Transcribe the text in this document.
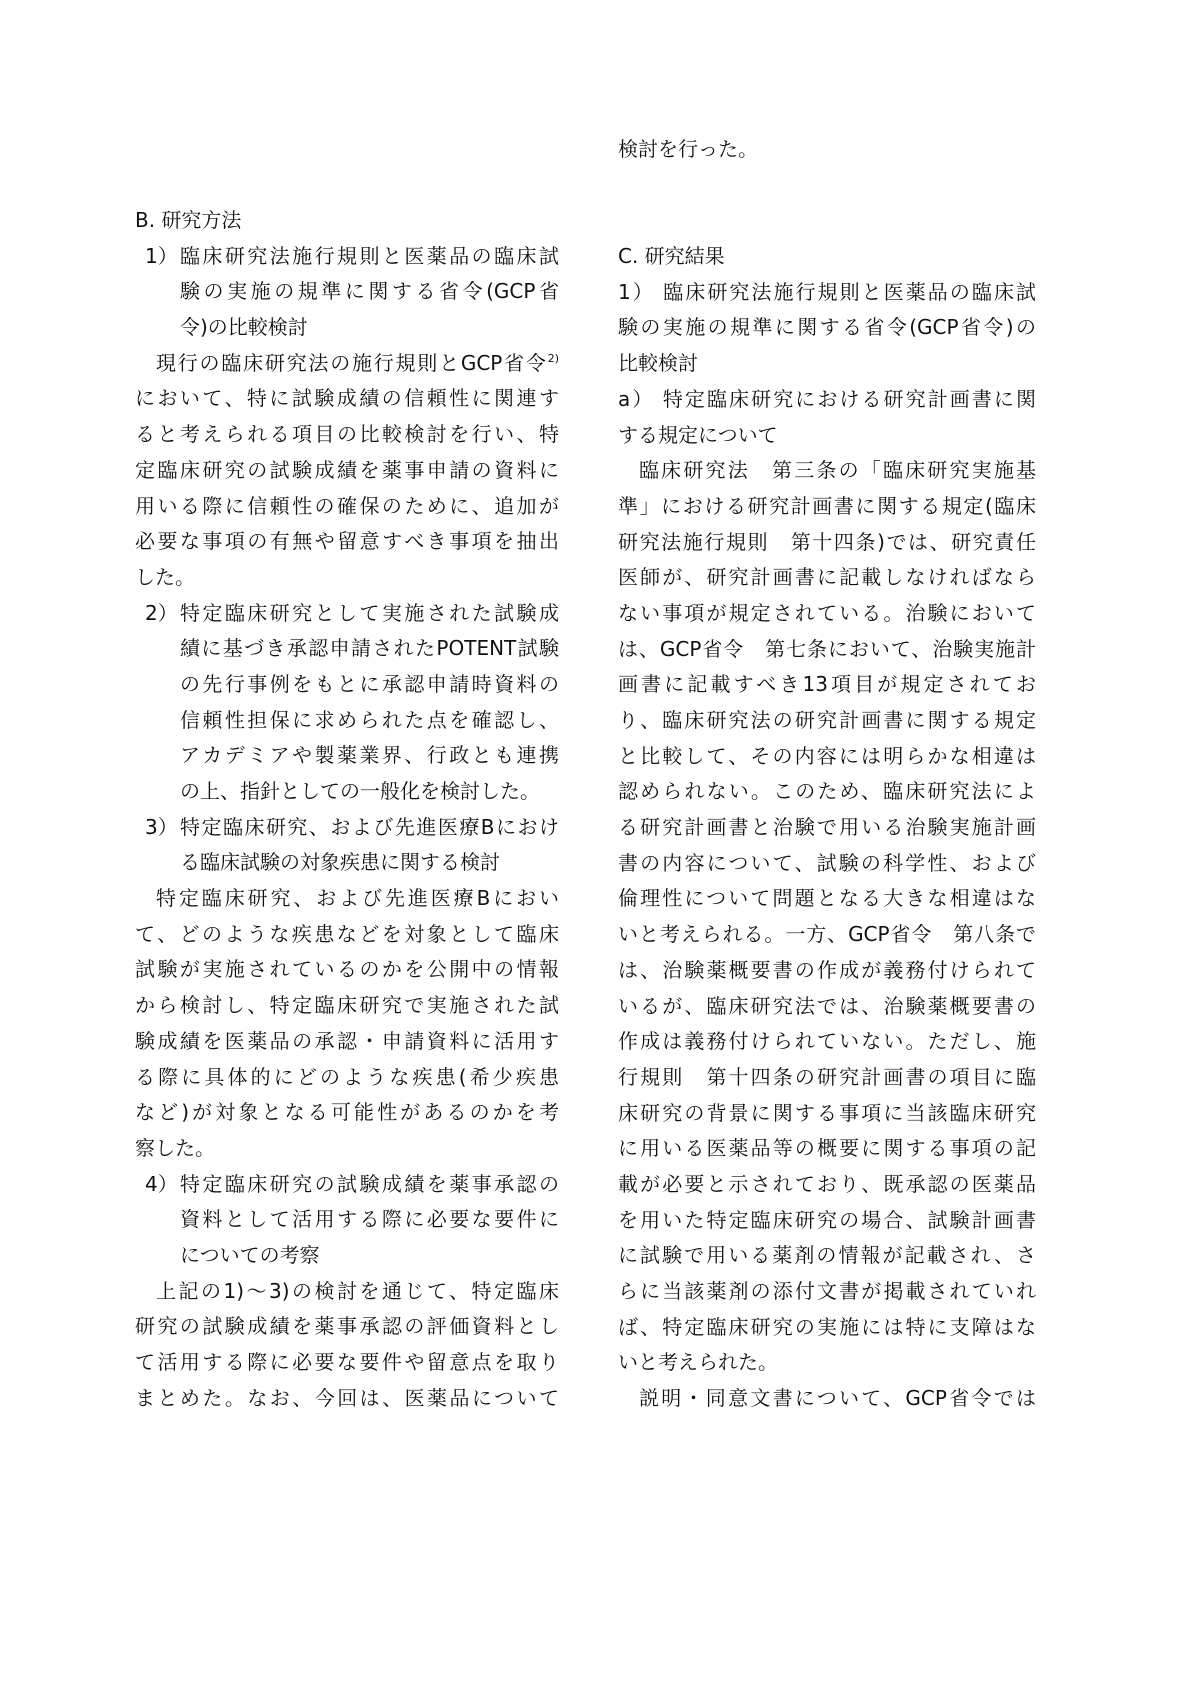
B. 研究方法
臨床研究法施行規則と医薬品の臨床試
1）
験の実施の規準に関する省令(GCP省
令)の比較検討
現行の臨床研究法の施行規則とGCP省令$^{2)}$
において、特に試験成績の信頼性に関連す
ると考えられる項目の比較検討を行い、特
定臨床研究の試験成績を薬事申請の資料に
用いる際に信頼性の確保のために、追加が
必要な事項の有無や留意すべき事項を抽出
した。
特定臨床研究として実施された試験成
2）
績に基づき承認申請されたPOTENT試験
の先行事例をもとに承認申請時資料の
信頼性担保に求められた点を確認し、
アカデミアや製薬業界、行政とも連携
の上、指針としての一般化を検討した。
特定臨床研究、および先進医療Bにおけ
3）
る臨床試験の対象疾患に関する検討
特定臨床研究、および先進医療Bにおい
て、どのような疾患などを対象として臨床
試験が実施されているのかを公開中の情報
から検討し、特定臨床研究で実施された試
験成績を医薬品の承認・申請資料に活用す
る際に具体的にどのような疾患(希少疾患
など)が対象となる可能性があるのかを考
察した。
特定臨床研究の試験成績を薬事承認の
4）
資料として活用する際に必要な要件に
についての考察
上記の1)～3)の検討を通じて、特定臨床
研究の試験成績を薬事承認の評価資料とし
て活用する際に必要な要件や留意点を取り
まとめた。なお、今回は、医薬品について
検討を行った。
C. 研究結果
1） 臨床研究法施行規則と医薬品の臨床試
験の実施の規準に関する省令(GCP省令)の
比較検討
a） 特定臨床研究における研究計画書に関
する規定について
臨床研究法　第三条の「臨床研究実施基
準」における研究計画書に関する規定(臨床
研究法施行規則　第十四条)では、研究責任
医師が、研究計画書に記載しなければなら
ない事項が規定されている。治験において
は、GCP省令　第七条において、治験実施計
画書に記載すべき13項目が規定されてお
り、臨床研究法の研究計画書に関する規定
と比較して、その内容には明らかな相違は
認められない。このため、臨床研究法によ
る研究計画書と治験で用いる治験実施計画
書の内容について、試験の科学性、および
倫理性について問題となる大きな相違はな
いと考えられる。一方、GCP省令　第八条で
は、治験薬概要書の作成が義務付けられて
いるが、臨床研究法では、治験薬概要書の
作成は義務付けられていない。ただし、施
行規則　第十四条の研究計画書の項目に臨
床研究の背景に関する事項に当該臨床研究
に用いる医薬品等の概要に関する事項の記
載が必要と示されており、既承認の医薬品
を用いた特定臨床研究の場合、試験計画書
に試験で用いる薬剤の情報が記載され、さ
らに当該薬剤の添付文書が掲載されていれ
ば、特定臨床研究の実施には特に支障はな
いと考えられた。
説明・同意文書について、GCP省令では
